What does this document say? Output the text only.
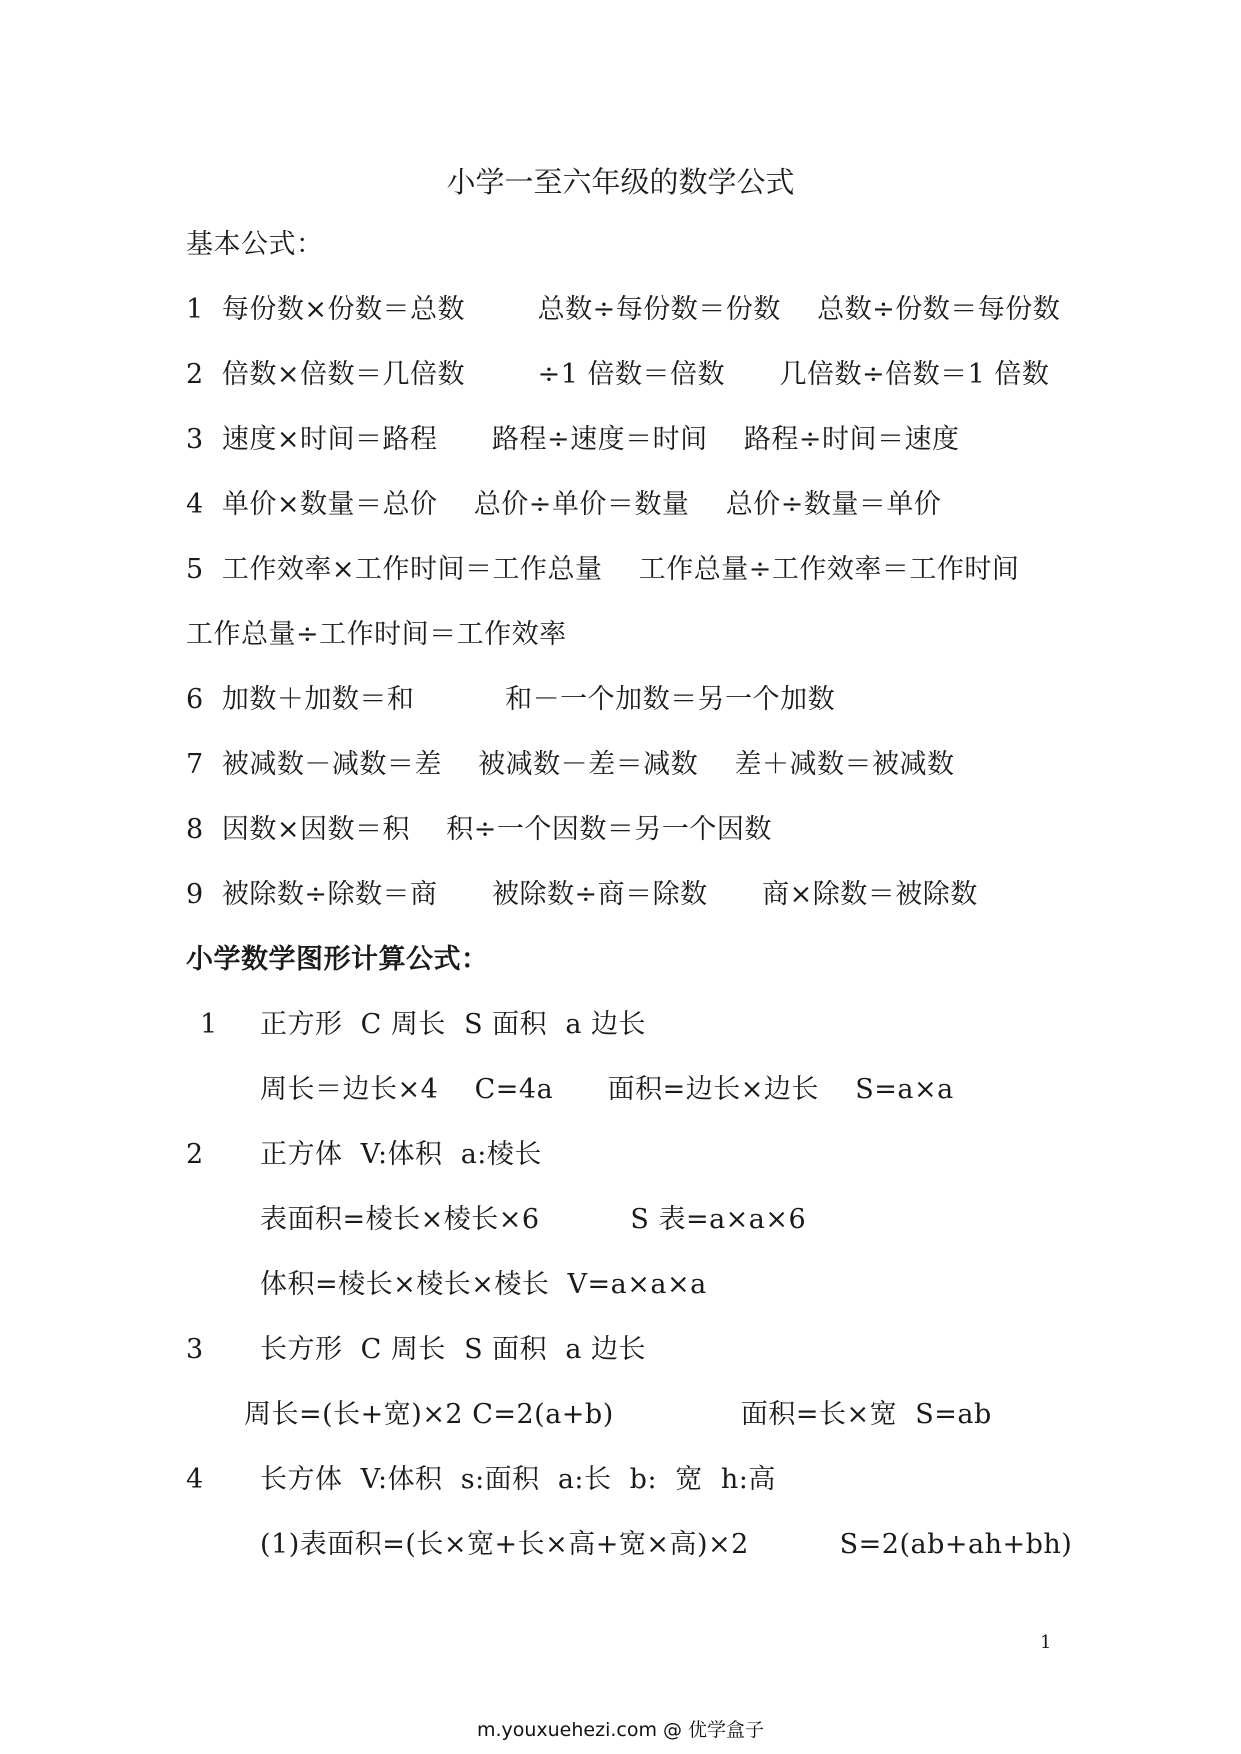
小学一至六年级的数学公式
基本公式：
1  每份数×份数＝总数        总数÷每份数＝份数    总数÷份数＝每份数
2  倍数×倍数＝几倍数        ÷1 倍数＝倍数      几倍数÷倍数＝1 倍数
3  速度×时间＝路程      路程÷速度＝时间    路程÷时间＝速度
4  单价×数量＝总价    总价÷单价＝数量    总价÷数量＝单价
5  工作效率×工作时间＝工作总量    工作总量÷工作效率＝工作时间
工作总量÷工作时间＝工作效率
6  加数＋加数＝和          和－一个加数＝另一个加数
7  被减数－减数＝差    被减数－差＝减数    差＋减数＝被减数
8  因数×因数＝积    积÷一个因数＝另一个因数
9  被除数÷除数＝商      被除数÷商＝除数      商×除数＝被除数
小学数学图形计算公式：
1 正方形  C 周长  S 面积  a 边长
周长＝边长×4    C=4a      面积=边长×边长    S=a×a
2 正方体  V:体积  a:棱长
表面积=棱长×棱长×6          S 表=a×a×6
体积=棱长×棱长×棱长  V=a×a×a
3 长方形  C 周长  S 面积  a 边长
周长=(长+宽)×2 C=2(a+b)              面积=长×宽  S=ab
4 长方体  V:体积  s:面积  a:长  b:  宽  h:高
(1)表面积=(长×宽+长×高+宽×高)×2          S=2(ab+ah+bh)
1
m.youxuehezi.com @ 优学盒子
